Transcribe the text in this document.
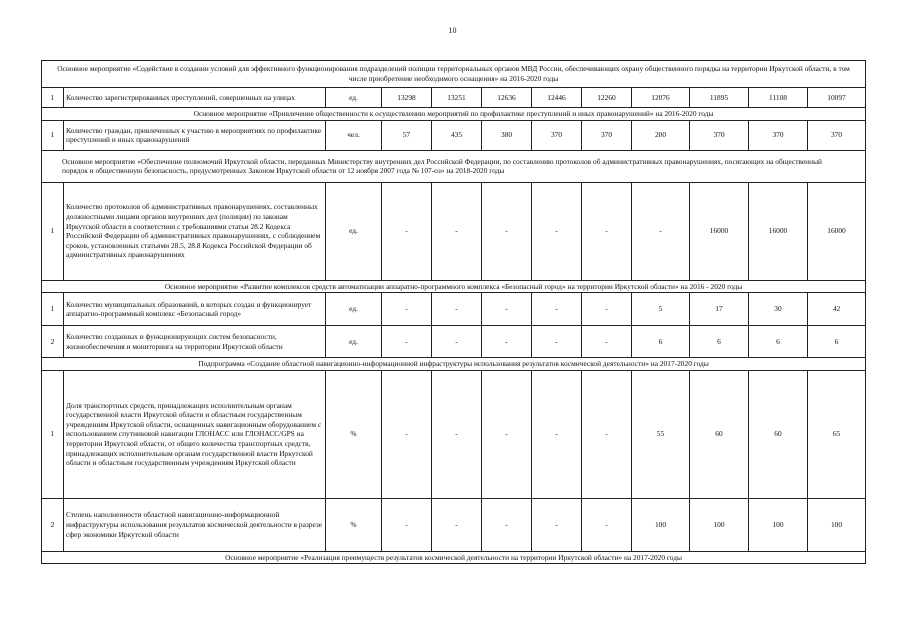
10
Основное мероприятие «Содействие в создании условий для эффективного функционирования подразделений полиции территориальных органов МВД России, обеспечивающих охрану общественного порядка на территории Иркутской области, в том числе приобретение необходимого оснащения» на 2016-2020 годы											
1	Количество зарегистрированных преступлений, совершенных на улицах	ед.	13298	13251	12636	12446	12260	12076	11895	11108	10097
Основное мероприятие «Привлечение общественности к осуществлению мероприятий по профилактике преступлений и иных правонарушений» на 2016-2020 годы											
1	Количество граждан, привлеченных к участию в мероприятиях по профилактике преступлений и иных правонарушений	чел.	57	435	380	370	370	200	370	370	370
Основное мероприятие «Обеспечение полномочий Иркутской области, переданных Министерству внутренних дел Российской Федерации, по составлению протоколов об административных правонарушениях, посягающих на общественный порядок и общественную безопасность, предусмотренных Законом Иркутской области от 12 ноября 2007 года № 107-оз» на 2018-2020 годы											
1	Количество протоколов об административных правонарушениях, составленных должностными лицами органов внутренних дел (полиции) по законам Иркутской области в соответствии с требованиями статьи 28.2 Кодекса Российской Федерации об административных правонарушениях, с соблюдением сроков, установленных статьями 28.5, 28.8 Кодекса Российской Федерации об административных правонарушениях	ед.	-	-	-	-	-	-	16000	16000	16000
Основное мероприятие «Развитие комплексов средств автоматизации аппаратно-программного комплекса «Безопасный город» на территории Иркутской области» на 2016 - 2020 годы											
1	Количество муниципальных образований, в которых создан и функционирует аппаратно-программный комплекс «Безопасный город»	ед.	-	-	-	-	-	5	17	30	42
2	Количество созданных и функционирующих систем безопасности, жизнеобеспечения и мониторинга на территории Иркутской области	ед.	-	-	-	-	-	6	6	6	6
Подпрограмма «Создание областной навигационно-информационной инфраструктуры использования результатов космической деятельности» на 2017-2020 годы											
1	Доля транспортных средств, принадлежащих исполнительным органам государственной власти Иркутской области и областным государственным учреждениям Иркутской области, оснащенных навигационным оборудованием с использованием спутниковой навигации ГЛОНАСС или ГЛОНАСС/GPS на территории Иркутской области, от общего количества транспортных средств, принадлежащих исполнительным органам государственной власти Иркутской области и областным государственным учреждениям Иркутской области	%	-	-	-	-	-	55	60	60	65
2	Степень наполненности областной навигационно-информационной инфраструктуры использования результатов космической деятельности в разрезе сфер экономики Иркутской области	%	-	-	-	-	-	100	100	100	100
Основное мероприятие «Реализация преимуществ результатов космической деятельности на территории Иркутской области» на 2017-2020 годы											
